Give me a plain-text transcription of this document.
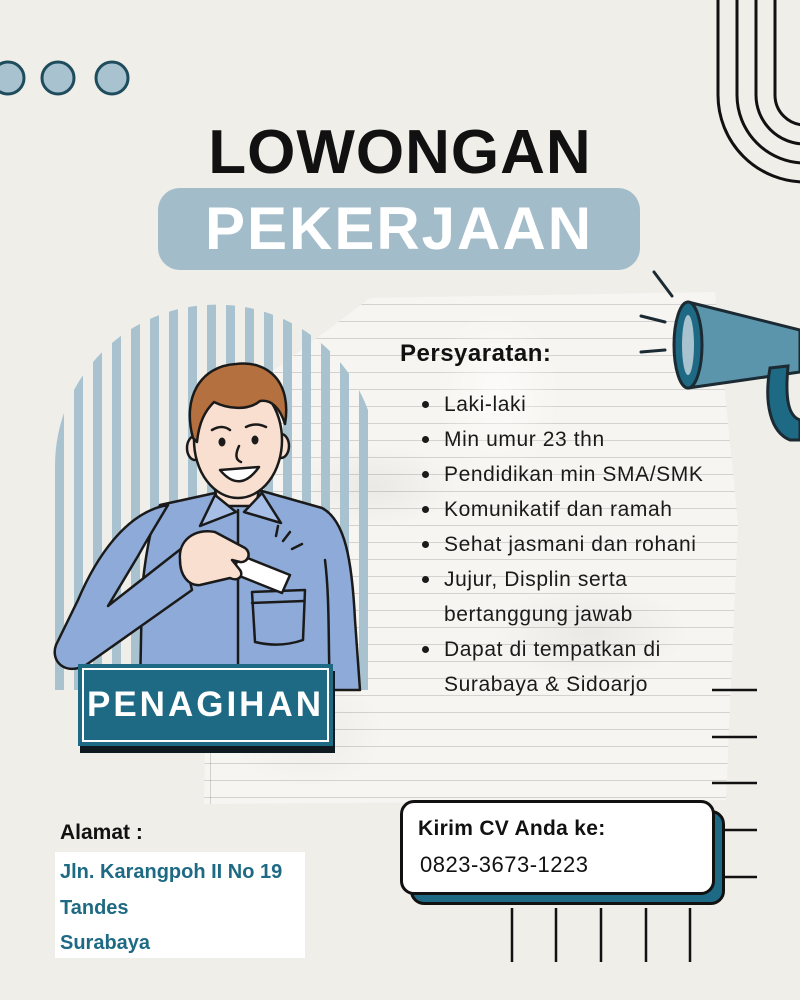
LOWONGAN
PEKERJAAN
Persyaratan:
Laki-laki
Min umur 23 thn
Pendidikan min SMA/SMK
Komunikatif dan ramah
Sehat jasmani dan rohani
Jujur, Displin serta
bertanggung jawab
Dapat di tempatkan di
Surabaya & Sidoarjo
PENAGIHAN
Kirim CV Anda ke:
0823-3673-1223
Alamat :
Jln. Karangpoh II No 19
Tandes
Surabaya
